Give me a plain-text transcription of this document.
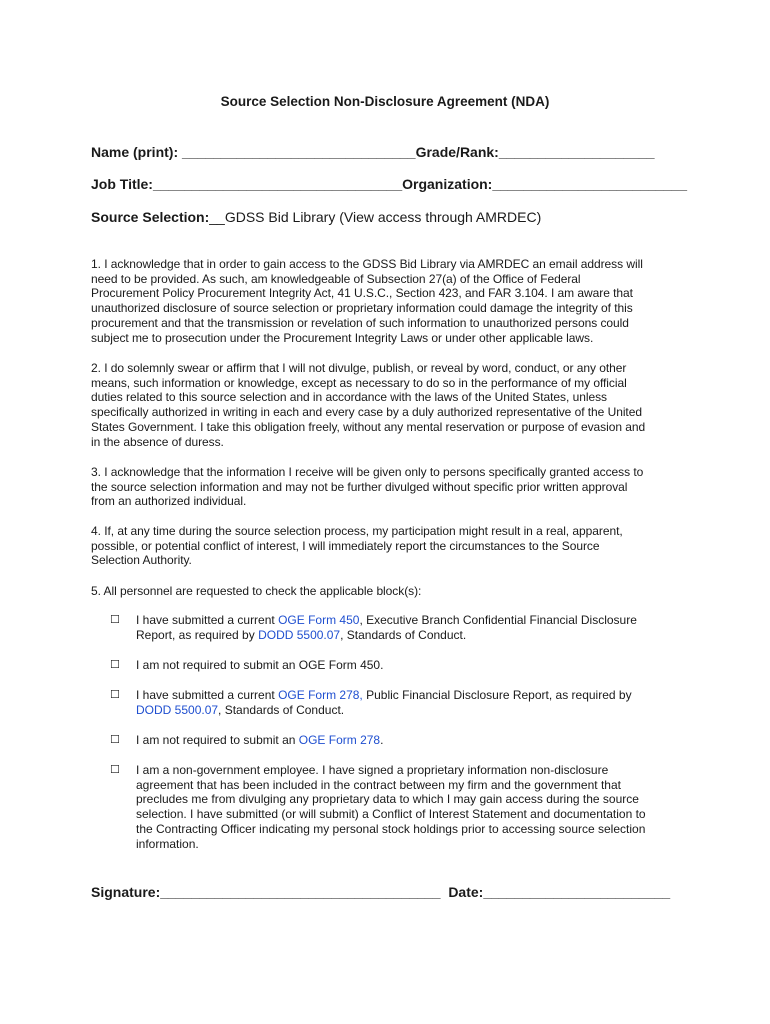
Source Selection Non-Disclosure Agreement (NDA)
Name (print): ______________________________Grade/Rank:____________________
Job Title:________________________________Organization:_________________________
Source Selection:__GDSS Bid Library (View access through AMRDEC)
1. I acknowledge that in order to gain access to the GDSS Bid Library via AMRDEC an email address will
need to be provided. As such, am knowledgeable of Subsection 27(a) of the Office of Federal
Procurement Policy Procurement Integrity Act, 41 U.S.C., Section 423, and FAR 3.104. I am aware that
unauthorized disclosure of source selection or proprietary information could damage the integrity of this
procurement and that the transmission or revelation of such information to unauthorized persons could
subject me to prosecution under the Procurement Integrity Laws or under other applicable laws.
2. I do solemnly swear or affirm that I will not divulge, publish, or reveal by word, conduct, or any other
means, such information or knowledge, except as necessary to do so in the performance of my official
duties related to this source selection and in accordance with the laws of the United States, unless
specifically authorized in writing in each and every case by a duly authorized representative of the United
States Government. I take this obligation freely, without any mental reservation or purpose of evasion and
in the absence of duress.
3. I acknowledge that the information I receive will be given only to persons specifically granted access to
the source selection information and may not be further divulged without specific prior written approval
from an authorized individual.
4. If, at any time during the source selection process, my participation might result in a real, apparent,
possible, or potential conflict of interest, I will immediately report the circumstances to the Source
Selection Authority.
5. All personnel are requested to check the applicable block(s):
☐ I have submitted a current OGE Form 450, Executive Branch Confidential Financial Disclosure
Report, as required by DODD 5500.07, Standards of Conduct.
☐ I am not required to submit an OGE Form 450.
☐ I have submitted a current OGE Form 278, Public Financial Disclosure Report, as required by
DODD 5500.07, Standards of Conduct.
☐ I am not required to submit an OGE Form 278.
☐ I am a non-government employee. I have signed a proprietary information non-disclosure
agreement that has been included in the contract between my firm and the government that
precludes me from divulging any proprietary data to which I may gain access during the source
selection. I have submitted (or will submit) a Conflict of Interest Statement and documentation to
the Contracting Officer indicating my personal stock holdings prior to accessing source selection
information.
Signature:____________________________________ Date:________________________
